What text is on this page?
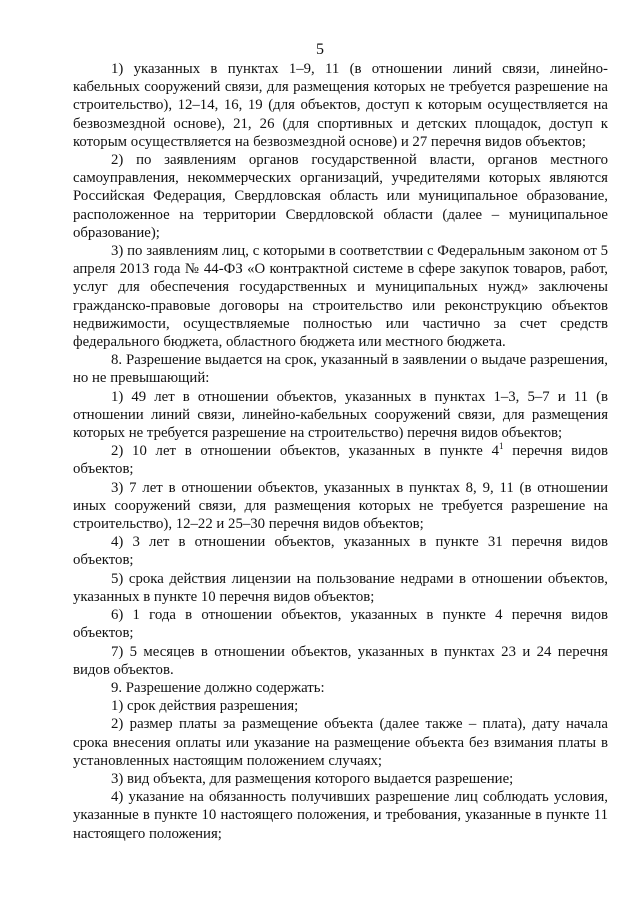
5

1) указанных в пунктах 1–9, 11 (в отношении линий связи, линейно-кабельных сооружений связи, для размещения которых не требуется разрешение на строительство), 12–14, 16, 19 (для объектов, доступ к которым осуществляется на безвозмездной основе), 21, 26 (для спортивных и детских площадок, доступ к которым осуществляется на безвозмездной основе) и 27 перечня видов объектов;

2) по заявлениям органов государственной власти, органов местного самоуправления, некоммерческих организаций, учредителями которых являются Российская Федерация, Свердловская область или муниципальное образование, расположенное на территории Свердловской области (далее – муниципальное образование);

3) по заявлениям лиц, с которыми в соответствии с Федеральным законом от 5 апреля 2013 года № 44-ФЗ «О контрактной системе в сфере закупок товаров, работ, услуг для обеспечения государственных и муниципальных нужд» заключены гражданско-правовые договоры на строительство или реконструкцию объектов недвижимости, осуществляемые полностью или частично за счет средств федерального бюджета, областного бюджета или местного бюджета.

8. Разрешение выдается на срок, указанный в заявлении о выдаче разрешения, но не превышающий:

1) 49 лет в отношении объектов, указанных в пунктах 1–3, 5–7 и 11 (в отношении линий связи, линейно-кабельных сооружений связи, для размещения которых не требуется разрешение на строительство) перечня видов объектов;

2) 10 лет в отношении объектов, указанных в пункте $4^1$ перечня видов объектов;

3) 7 лет в отношении объектов, указанных в пунктах 8, 9, 11 (в отношении иных сооружений связи, для размещения которых не требуется разрешение на строительство), 12–22 и 25–30 перечня видов объектов;

4) 3 лет в отношении объектов, указанных в пункте 31 перечня видов объектов;

5) срока действия лицензии на пользование недрами в отношении объектов, указанных в пункте 10 перечня видов объектов;

6) 1 года в отношении объектов, указанных в пункте 4 перечня видов объектов;

7) 5 месяцев в отношении объектов, указанных в пунктах 23 и 24 перечня видов объектов.

9. Разрешение должно содержать:

1) срок действия разрешения;

2) размер платы за размещение объекта (далее также – плата), дату начала срока внесения оплаты или указание на размещение объекта без взимания платы в установленных настоящим положением случаях;

3) вид объекта, для размещения которого выдается разрешение;

4) указание на обязанность получивших разрешение лиц соблюдать условия, указанные в пункте 10 настоящего положения, и требования, указанные в пункте 11 настоящего положения;
